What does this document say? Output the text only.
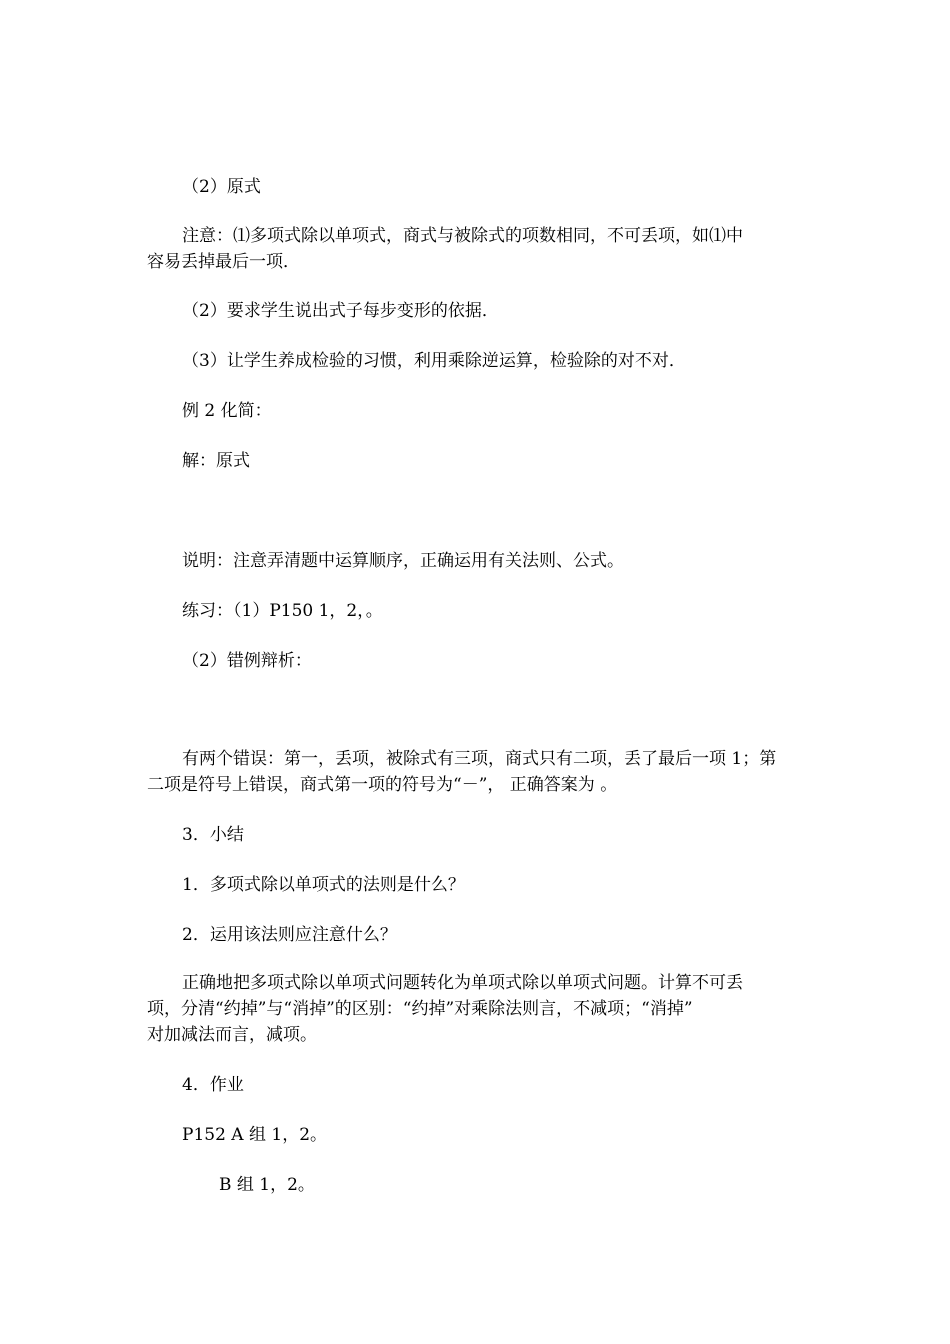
（2）原式

注意：⑴多项式除以单项式，商式与被除式的项数相同，不可丢项，如⑴中

容易丢掉最后一项．

（2）要求学生说出式子每步变形的依据．

（3）让学生养成检验的习惯，利用乘除逆运算，检验除的对不对．

例 2 化简：

解：原式

说明：注意弄清题中运算顺序，正确运用有关法则、公式。

练习：（1）P150 1，2，。

（2）错例辩析：

有两个错误：第一，丢项，被除式有三项，商式只有二项，丢了最后一项 1；第

二项是符号上错误，商式第一项的符号为“－”， 正确答案为 。

3．小结

1．多项式除以单项式的法则是什么？

2．运用该法则应注意什么？

正确地把多项式除以单项式问题转化为单项式除以单项式问题。计算不可丢

项，分清“约掉”与“消掉”的区别：“约掉”对乘除法则言，不减项；“消掉”

对加减法而言，减项。

4．作业

P152 A 组 1，2。

B 组 1，2。
